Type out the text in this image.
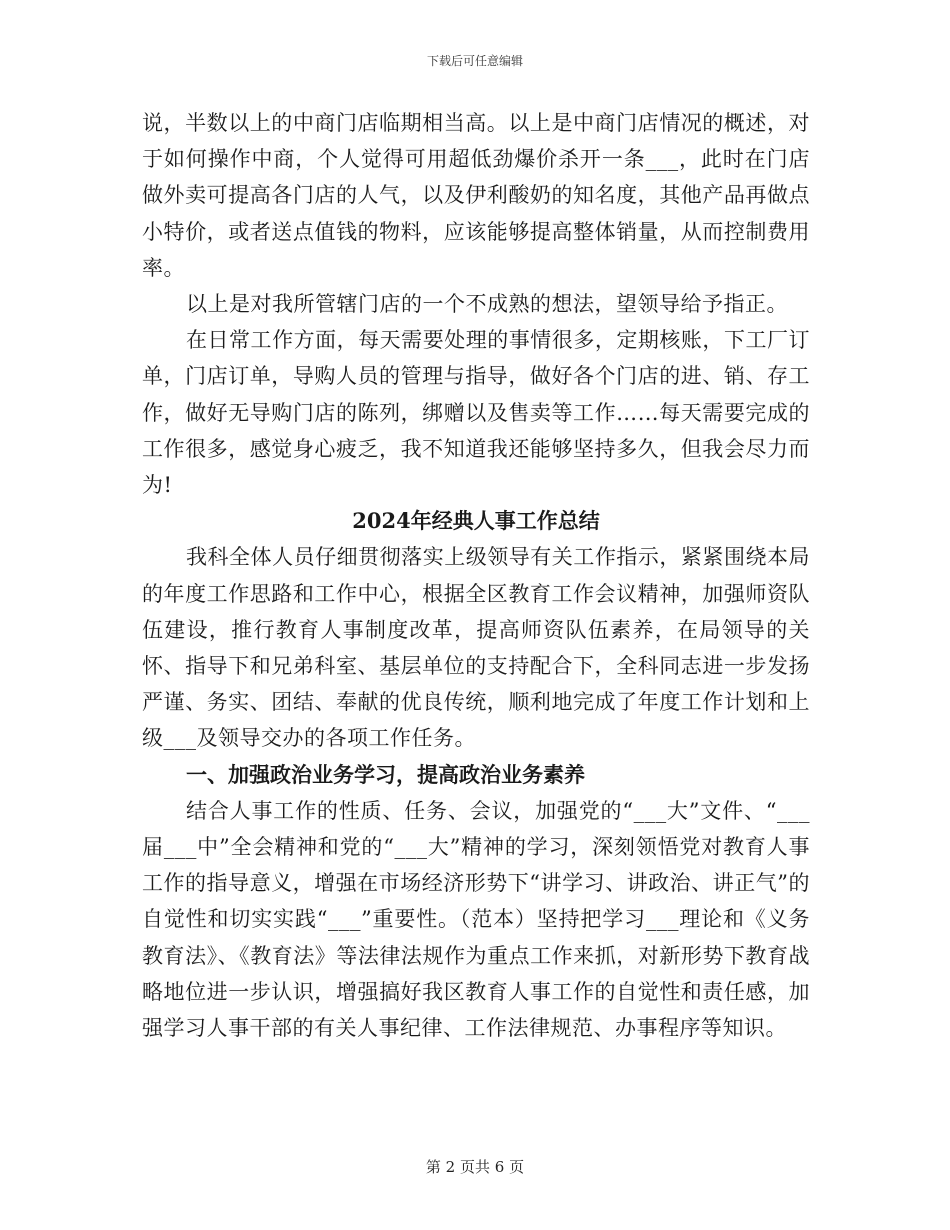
下载后可任意编辑

说，半数以上的中商门店临期相当高。以上是中商门店情况的概述，对于如何操作中商，个人觉得可用超低劲爆价杀开一条___，此时在门店做外卖可提高各门店的人气，以及伊利酸奶的知名度，其他产品再做点小特价，或者送点值钱的物料，应该能够提高整体销量，从而控制费用率。

以上是对我所管辖门店的一个不成熟的想法，望领导给予指正。

在日常工作方面，每天需要处理的事情很多，定期核账，下工厂订单，门店订单，导购人员的管理与指导，做好各个门店的进、销、存工作，做好无导购门店的陈列，绑赠以及售卖等工作……每天需要完成的工作很多，感觉身心疲乏，我不知道我还能够坚持多久，但我会尽力而为!

2024年经典人事工作总结

我科全体人员仔细贯彻落实上级领导有关工作指示，紧紧围绕本局的年度工作思路和工作中心，根据全区教育工作会议精神，加强师资队伍建设，推行教育人事制度改革，提高师资队伍素养，在局领导的关怀、指导下和兄弟科室、基层单位的支持配合下，全科同志进一步发扬严谨、务实、团结、奉献的优良传统，顺利地完成了年度工作计划和上级___及领导交办的各项工作任务。

一、加强政治业务学习，提高政治业务素养

结合人事工作的性质、任务、会议，加强党的“___大”文件、“___届___中”全会精神和党的“___大”精神的学习，深刻领悟党对教育人事工作的指导意义，增强在市场经济形势下“讲学习、讲政治、讲正气”的自觉性和切实实践“___”重要性。（范本）坚持把学习___理论和《义务教育法》、《教育法》等法律法规作为重点工作来抓，对新形势下教育战略地位进一步认识，增强搞好我区教育人事工作的自觉性和责任感，加强学习人事干部的有关人事纪律、工作法律规范、办事程序等知识。

第 2 页共 6 页
